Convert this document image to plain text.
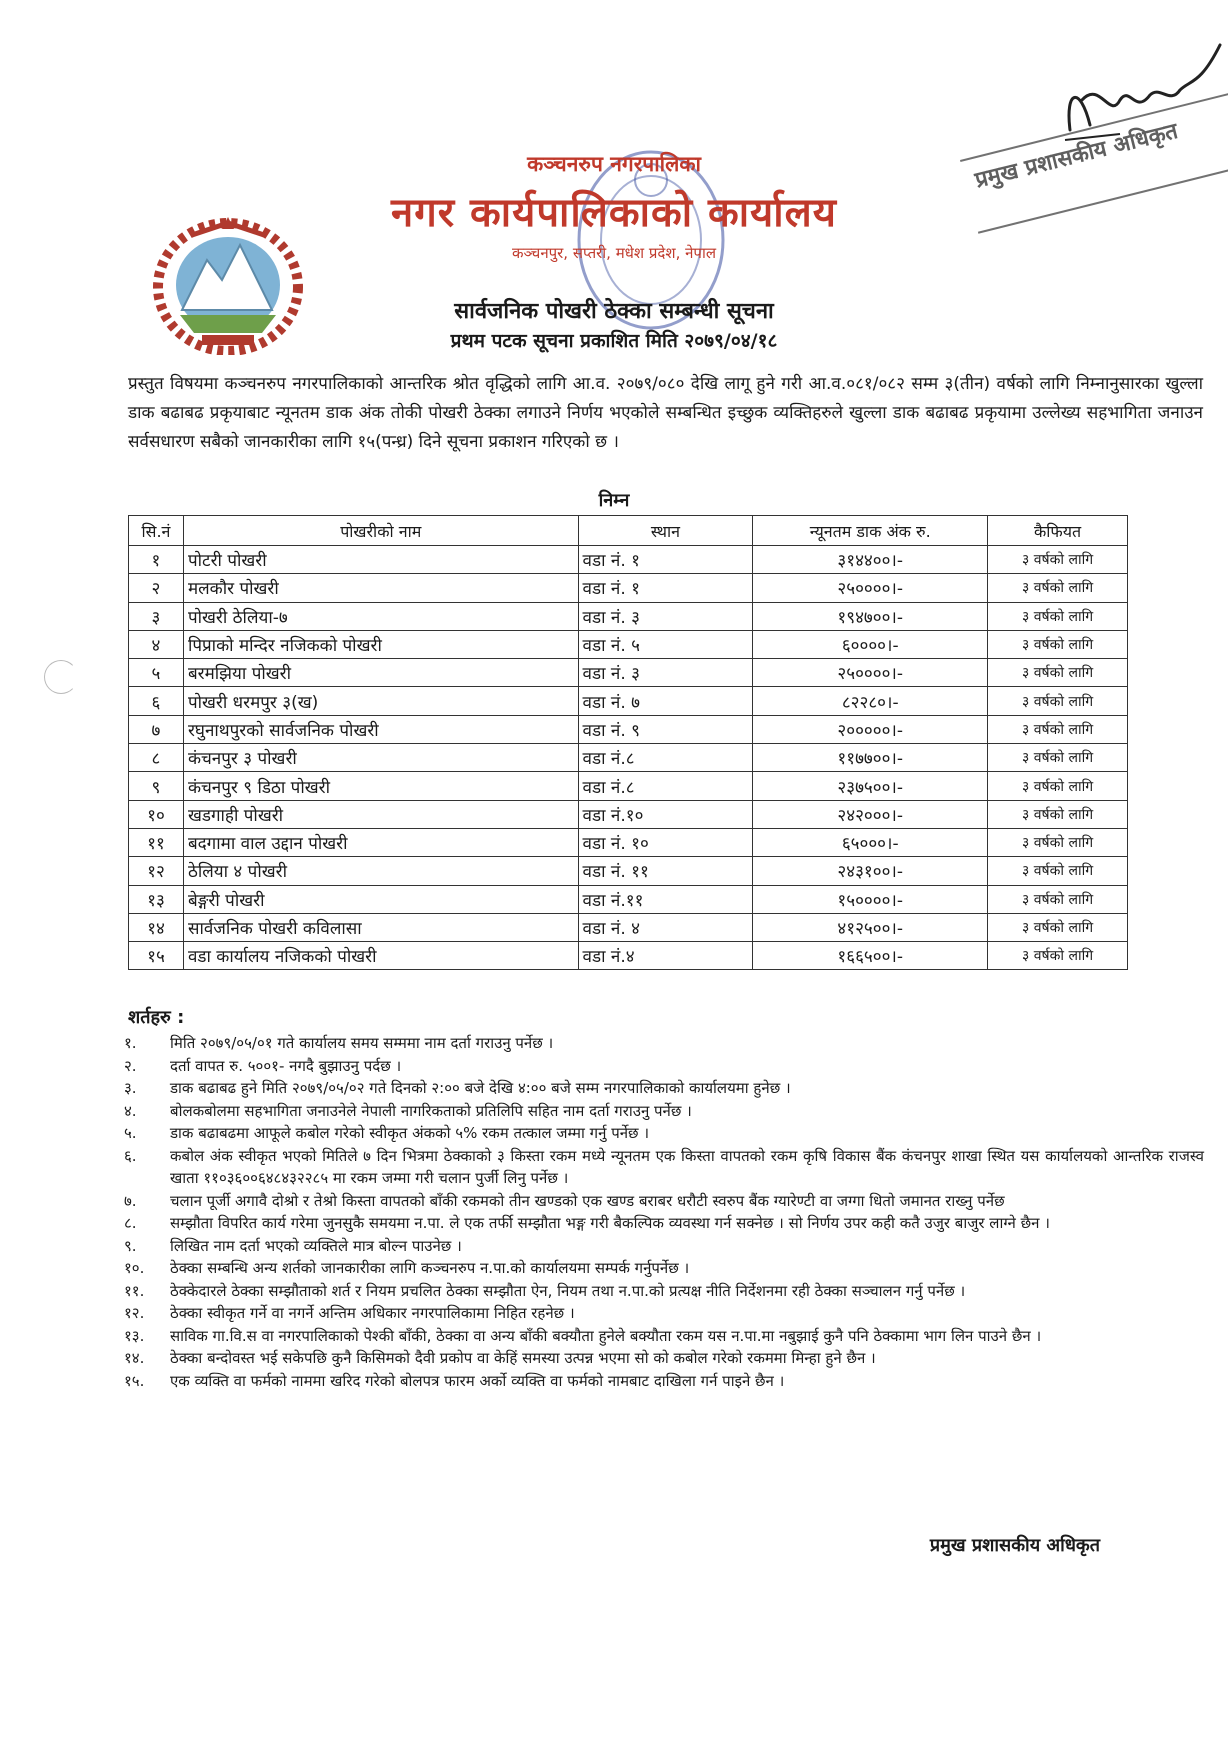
कञ्चनरुप नगरपालिका
नगर कार्यपालिकाको कार्यालय
कञ्चनपुर, सप्तरी, मधेश प्रदेश, नेपाल
प्रमुख प्रशासकीय अधिकृत
सार्वजनिक पोखरी ठेक्का सम्बन्धी सूचना
प्रथम पटक सूचना प्रकाशित मिति २०७९/०४/१८
प्रस्तुत विषयमा कञ्चनरुप नगरपालिकाको आन्तरिक श्रोत वृद्धिको लागि आ.व. २०७९/०८० देखि लागू हुने गरी आ.व.०८१/०८२ सम्म ३(तीन) वर्षको लागि निम्नानुसारका खुल्ला डाक बढाबढ प्रकृयाबाट न्यूनतम डाक अंक तोकी पोखरी ठेक्का लगाउने निर्णय भएकोले सम्बन्धित इच्छुक व्यक्तिहरुले खुल्ला डाक बढाबढ प्रकृयामा उल्लेख्य सहभागिता जनाउन सर्वसधारण सबैको जानकारीका लागि १५(पन्ध्र) दिने सूचना प्रकाशन गरिएको छ ।
निम्न
सि.नं	पोखरीको नाम	स्थान	न्यूनतम डाक अंक रु.	कैफियत
१	पोटरी पोखरी	वडा नं. १	३१४४००।-	३ वर्षको लागि
२	मलकौर पोखरी	वडा नं. १	२५००००।-	३ वर्षको लागि
३	पोखरी ठेलिया-७	वडा नं. ३	१९४७००।-	३ वर्षको लागि
४	पिप्राको मन्दिर नजिकको पोखरी	वडा नं. ५	६००००।-	३ वर्षको लागि
५	बरमझिया पोखरी	वडा नं. ३	२५००००।-	३ वर्षको लागि
६	पोखरी धरमपुर ३(ख)	वडा नं. ७	८२२८०।-	३ वर्षको लागि
७	रघुनाथपुरको सार्वजनिक पोखरी	वडा नं. ९	२०००००।-	३ वर्षको लागि
८	कंचनपुर ३ पोखरी	वडा नं.८	११७७००।-	३ वर्षको लागि
९	कंचनपुर ९ डिठा पोखरी	वडा नं.८	२३७५००।-	३ वर्षको लागि
१०	खडगाही पोखरी	वडा नं.१०	२४२०००।-	३ वर्षको लागि
११	बदगामा वाल उद्दान पोखरी	वडा नं. १०	६५०००।-	३ वर्षको लागि
१२	ठेलिया ४ पोखरी	वडा नं. ११	२४३१००।-	३ वर्षको लागि
१३	बेङ्गरी पोखरी	वडा नं.११	१५००००।-	३ वर्षको लागि
१४	सार्वजनिक पोखरी कविलासा	वडा नं. ४	४१२५००।-	३ वर्षको लागि
१५	वडा कार्यालय नजिकको पोखरी	वडा नं.४	१६६५००।-	३ वर्षको लागि
शर्तहरु :
१.	मिति २०७९/०५/०१ गते कार्यालय समय सम्ममा नाम दर्ता गराउनु पर्नेछ ।
२.	दर्ता वापत रु. ५००१- नगदै बुझाउनु पर्दछ ।
३.	डाक बढाबढ हुने मिति २०७९/०५/०२ गते दिनको २:०० बजे देखि ४:०० बजे सम्म नगरपालिकाको कार्यालयमा हुनेछ ।
४.	बोलकबोलमा सहभागिता जनाउनेले नेपाली नागरिकताको प्रतिलिपि सहित नाम दर्ता गराउनु पर्नेछ ।
५.	डाक बढाबढमा आफूले कबोल गरेको स्वीकृत अंकको ५% रकम तत्काल जम्मा गर्नु पर्नेछ ।
६.	कबोल अंक स्वीकृत भएको मितिले ७ दिन भित्रमा ठेक्काको ३ किस्ता रकम मध्ये न्यूनतम एक किस्ता वापतको रकम कृषि विकास बैंक कंचनपुर शाखा स्थित यस कार्यालयको आन्तरिक राजस्व खाता ११०३६००६४८४३२२८५ मा रकम जम्मा गरी चलान पुर्जी लिनु पर्नेछ ।
७.	चलान पूर्जी अगावै दोश्रो र तेश्रो किस्ता वापतको बाँकी रकमको तीन खण्डको एक खण्ड बराबर धरौटी स्वरुप बैंक ग्यारेण्टी वा जग्गा धितो जमानत राख्नु पर्नेछ
८.	सम्झौता विपरित कार्य गरेमा जुनसुकै समयमा न.पा. ले एक तर्फी सम्झौता भङ्ग गरी बैकल्पिक व्यवस्था गर्न सक्नेछ । सो निर्णय उपर कही कतै उजुर बाजुर लाग्ने छैन ।
९.	लिखित नाम दर्ता भएको व्यक्तिले मात्र बोल्न पाउनेछ ।
१०.	ठेक्का सम्बन्धि अन्य शर्तको जानकारीका लागि कञ्चनरुप न.पा.को कार्यालयमा सम्पर्क गर्नुपर्नेछ ।
११.	ठेक्केदारले ठेक्का सम्झौताको शर्त र नियम प्रचलित ठेक्का सम्झौता ऐन, नियम तथा न.पा.को प्रत्यक्ष नीति निर्देशनमा रही ठेक्का सञ्चालन गर्नु पर्नेछ ।
१२.	ठेक्का स्वीकृत गर्ने वा नगर्ने अन्तिम अधिकार नगरपालिकामा निहित रहनेछ ।
१३.	साविक गा.वि.स वा नगरपालिकाको पेश्की बाँकी, ठेक्का वा अन्य बाँकी बक्यौता हुनेले बक्यौता रकम यस न.पा.मा नबुझाई कुनै पनि ठेक्कामा भाग लिन पाउने छैन ।
१४.	ठेक्का बन्दोवस्त भई सकेपछि कुनै किसिमको दैवी प्रकोप वा केहिं समस्या उत्पन्न भएमा सो को कबोल गरेको रकममा मिन्हा हुने छैन ।
१५.	एक व्यक्ति वा फर्मको नाममा खरिद गरेको बोलपत्र फारम अर्को व्यक्ति वा फर्मको नामबाट दाखिला गर्न पाइने छैन ।
प्रमुख प्रशासकीय अधिकृत
